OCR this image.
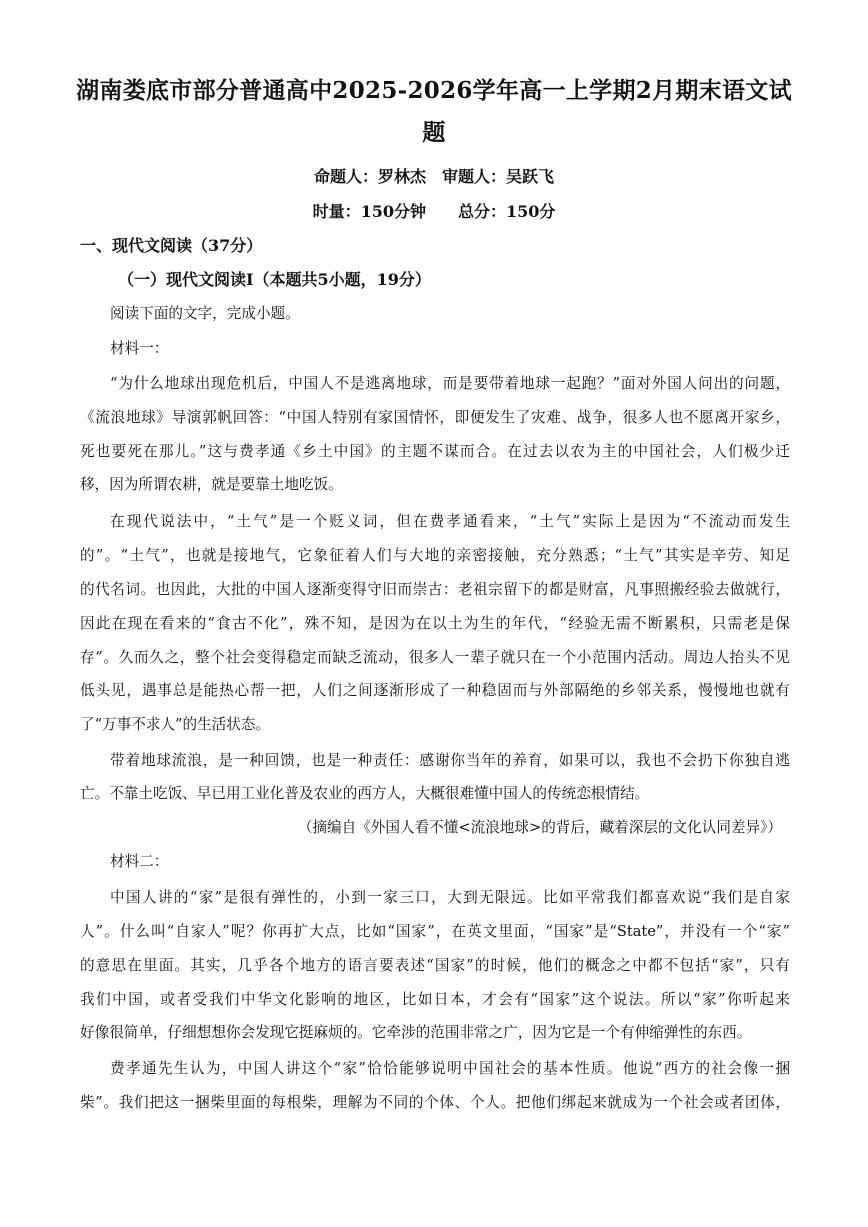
湖南娄底市部分普通高中2025-2026学年高一上学期2月期末语文试
题
命题人：罗林杰　审题人：吴跃飞
时量：150分钟　　总分：150分
一、现代文阅读（37分）
（一）现代文阅读Ⅰ（本题共5小题，19分）
阅读下面的文字，完成小题。
材料一：
“为什么地球出现危机后，中国人不是逃离地球，而是要带着地球一起跑？”面对外国人问出的问题，
《流浪地球》导演郭帆回答：“中国人特别有家国情怀，即便发生了灾难、战争，很多人也不愿离开家乡，
死也要死在那儿。”这与费孝通《乡土中国》的主题不谋而合。在过去以农为主的中国社会，人们极少迁
移，因为所谓农耕，就是要靠土地吃饭。
在现代说法中，“土气”是一个贬义词，但在费孝通看来，“土气”实际上是因为“不流动而发生
的”。“土气”，也就是接地气，它象征着人们与大地的亲密接触，充分熟悉；“土气”其实是辛劳、知足
的代名词。也因此，大批的中国人逐渐变得守旧而崇古：老祖宗留下的都是财富，凡事照搬经验去做就行，
因此在现在看来的“食古不化”，殊不知，是因为在以土为生的年代，“经验无需不断累积，只需老是保
存”。久而久之，整个社会变得稳定而缺乏流动，很多人一辈子就只在一个小范围内活动。周边人抬头不见
低头见，遇事总是能热心帮一把，人们之间逐渐形成了一种稳固而与外部隔绝的乡邻关系，慢慢地也就有
了“万事不求人”的生活状态。
带着地球流浪，是一种回馈，也是一种责任：感谢你当年的养育，如果可以，我也不会扔下你独自逃
亡。不靠土吃饭、早已用工业化普及农业的西方人，大概很难懂中国人的传统恋根情结。
（摘编自《外国人看不懂<流浪地球>的背后，藏着深层的文化认同差异》）
材料二：
中国人讲的“家”是很有弹性的，小到一家三口，大到无限远。比如平常我们都喜欢说“我们是自家
人”。什么叫“自家人”呢？你再扩大点，比如“国家”，在英文里面，“国家”是“State”，并没有一个“家”
的意思在里面。其实，几乎各个地方的语言要表述“国家”的时候，他们的概念之中都不包括“家”，只有
我们中国，或者受我们中华文化影响的地区，比如日本，才会有“国家”这个说法。所以“家”你听起来
好像很简单，仔细想想你会发现它挺麻烦的。它牵涉的范围非常之广，因为它是一个有伸缩弹性的东西。
费孝通先生认为，中国人讲这个“家”恰恰能够说明中国社会的基本性质。他说“西方的社会像一捆
柴”。我们把这一捆柴里面的每根柴，理解为不同的个体、个人。把他们绑起来就成为一个社会或者团体，
